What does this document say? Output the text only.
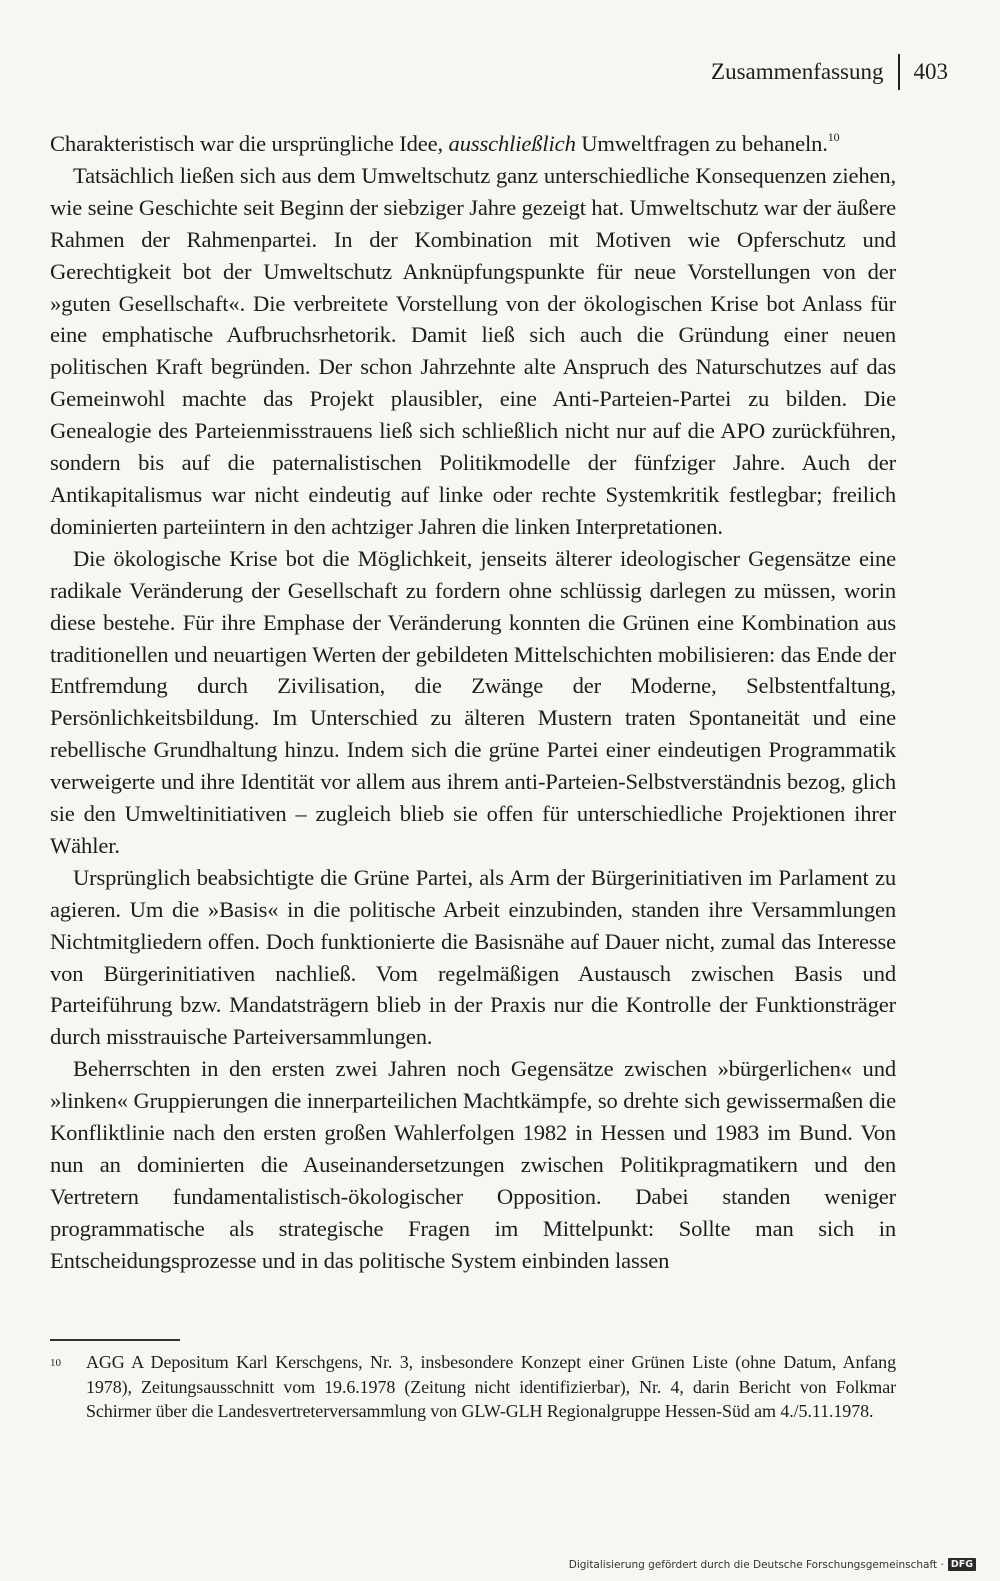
Zusammenfassung 403

Charakteristisch war die ursprüngliche Idee, ausschließlich Umweltfragen zu behaneln.$^{10}$

Tatsächlich ließen sich aus dem Umweltschutz ganz unterschiedliche Konsequenzen ziehen, wie seine Geschichte seit Beginn der siebziger Jahre gezeigt hat. Umweltschutz war der äußere Rahmen der Rahmenpartei. In der Kombination mit Motiven wie Opferschutz und Gerechtigkeit bot der Umweltschutz Anknüpfungspunkte für neue Vorstellungen von der »guten Gesellschaft«. Die verbreitete Vorstellung von der ökologischen Krise bot Anlass für eine emphatische Aufbruchsrhetorik. Damit ließ sich auch die Gründung einer neuen politischen Kraft begründen. Der schon Jahrzehnte alte Anspruch des Naturschutzes auf das Gemeinwohl machte das Projekt plausibler, eine Anti-Parteien-Partei zu bilden. Die Genealogie des Parteienmisstrauens ließ sich schließlich nicht nur auf die APO zurückführen, sondern bis auf die paternalistischen Politikmodelle der fünfziger Jahre. Auch der Antikapitalismus war nicht eindeutig auf linke oder rechte Systemkritik festlegbar; freilich dominierten parteiintern in den achtziger Jahren die linken Interpretationen.

Die ökologische Krise bot die Möglichkeit, jenseits älterer ideologischer Gegensätze eine radikale Veränderung der Gesellschaft zu fordern ohne schlüssig darlegen zu müssen, worin diese bestehe. Für ihre Emphase der Veränderung konnten die Grünen eine Kombination aus traditionellen und neuartigen Werten der gebildeten Mittelschichten mobilisieren: das Ende der Entfremdung durch Zivilisation, die Zwänge der Moderne, Selbstentfaltung, Persönlichkeitsbildung. Im Unterschied zu älteren Mustern traten Spontaneität und eine rebellische Grundhaltung hinzu. Indem sich die grüne Partei einer eindeutigen Programmatik verweigerte und ihre Identität vor allem aus ihrem anti-Parteien-Selbstverständnis bezog, glich sie den Umweltinitiativen – zugleich blieb sie offen für unterschiedliche Projektionen ihrer Wähler.

Ursprünglich beabsichtigte die Grüne Partei, als Arm der Bürgerinitiativen im Parlament zu agieren. Um die »Basis« in die politische Arbeit einzubinden, standen ihre Versammlungen Nichtmitgliedern offen. Doch funktionierte die Basisnähe auf Dauer nicht, zumal das Interesse von Bürgerinitiativen nachließ. Vom regelmäßigen Austausch zwischen Basis und Parteiführung bzw. Mandatsträgern blieb in der Praxis nur die Kontrolle der Funktionsträger durch misstrauische Parteiversammlungen.

Beherrschten in den ersten zwei Jahren noch Gegensätze zwischen »bürgerlichen« und »linken« Gruppierungen die innerparteilichen Machtkämpfe, so drehte sich gewissermaßen die Konfliktlinie nach den ersten großen Wahlerfolgen 1982 in Hessen und 1983 im Bund. Von nun an dominierten die Auseinandersetzungen zwischen Politikpragmatikern und den Vertretern fundamentalistisch-ökologischer Opposition. Dabei standen weniger programmatische als strategische Fragen im Mittelpunkt: Sollte man sich in Entscheidungsprozesse und in das politische System einbinden lassen

10	AGG A Depositum Karl Kerschgens, Nr. 3, insbesondere Konzept einer Grünen Liste (ohne Datum, Anfang 1978), Zeitungsausschnitt vom 19.6.1978 (Zeitung nicht identifizierbar), Nr. 4, darin Bericht von Folkmar Schirmer über die Landesvertreterversammlung von GLW-GLH Regionalgruppe Hessen-Süd am 4./5.11.1978.
Digitalisierung gefördert durch die Deutsche Forschungsgemeinschaft · DFG
